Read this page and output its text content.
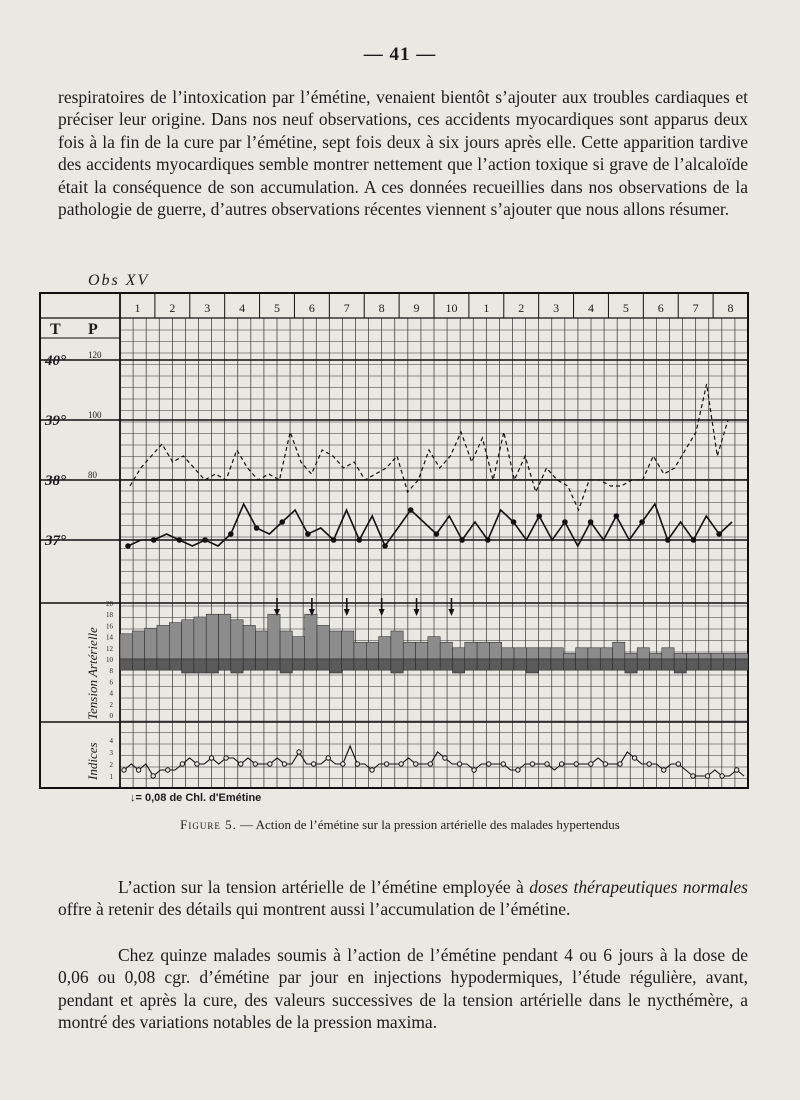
— 41 —

respiratoires de l’intoxication par l’émétine, venaient bientôt s’ajouter aux troubles cardiaques et préciser leur origine. Dans nos neuf observations, ces accidents myocardiques sont apparus deux fois à la fin de la cure par l’émétine, sept fois deux à six jours après elle. Cette apparition tardive des accidents myocardiques semble montrer nettement que l’action toxique si grave de l’alcaloïde était la conséquence de son accumulation. A ces données recueillies dans nos observations de la pathologie de guerre, d’autres observations récentes viennent s’ajouter que nous allons résumer.

Obs XV
1 2 3 4 5 6 7 8 9 10 1 2 3 4 5 6 7 8
T P
40°
39°
38°
37°
120
100
80
20
18
16
14
12
10
8
6
4
2
0
Tension Artérielle
4
3
2
1
Indices
↓= 0,08 de Chl. d'Emétine
Figure 5. — Action de l’émétine sur la pression artérielle des malades hypertendus

L’action sur la tension artérielle de l’émétine employée à doses thérapeutiques normales offre à retenir des détails qui montrent aussi l’accumulation de l’émétine.

Chez quinze malades soumis à l’action de l’émétine pendant 4 ou 6 jours à la dose de 0,06 ou 0,08 cgr. d’émétine par jour en injections hypodermiques, l’étude régulière, avant, pendant et après la cure, des valeurs successives de la tension artérielle dans le nycthémère, a montré des variations notables de la pression maxima.
